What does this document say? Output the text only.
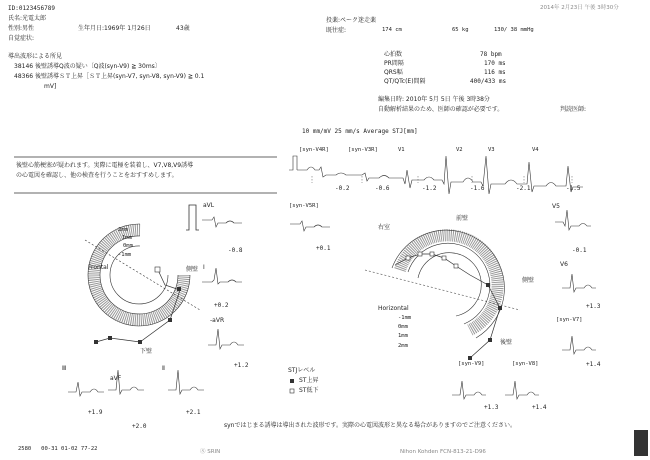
ID:0123456789
氏名:光電太郎
性別:男性	生年月日:1969年 1月26日	43歳
自覚症状:
2014年 2月23日 午後 3時30分
投薬:ペーク迷走薬
既往症:	174 cm	65 kg	130/ 38 mmHg
導出波形による所見
38146 後壁誘導Q波の疑い〔Q波(syn-V9) ≧ 30ms〕
48366 後壁誘導ＳＴ上昇［ＳＴ上昇(syn-V7, syn-V8, syn-V9) ≧ 0.1
mV]
心拍数	78 bpm
PR間隔	170 ms
QRS幅	116 ms
QT/QTc(E)間隔	400/433 ms
編集日時: 2010年 5月 5日 午後 3時38分
自動解析結果のため、医師の確認が必要です。	判読医師:
後壁心筋梗塞が疑われます。実際に電極を装着し、V7,V8,V9誘導
の心電図を確認し、他の検査を行うことをおすすめします。
10 mm/mV 25 mm/s Average STJ[mm]
[syn-V4R]	[syn-V3R]	V1	V2	V3	V4
-0.2	-0.6	-1.2	-1.6	-2.1	-1.5
Frontal
2mm
1mm
0mm
-1mm
側壁
下壁
aVL
-0.8
I
+0.2
-aVR
+1.2
Ⅲ
+1.9
aVF
+2.0
Ⅱ
+2.1
Horizontal
-1mm
0mm
1mm
2mm
右室
前壁
側壁
後壁
[syn-V5R]
+0.1
V5
-0.1
V6
+1.3
[syn-V7]
+1.4
[syn-V9]
+1.3
[syn-V8]
+1.4
STJレベル
ST上昇
ST低下
synではじまる誘導は導出された波形です。実際の心電図波形と異なる場合がありますのでご注意ください。
2580   00-31 01-02 77-22	Ⓢ SRIN	Nihon Kohden FCN-813-21-D96
